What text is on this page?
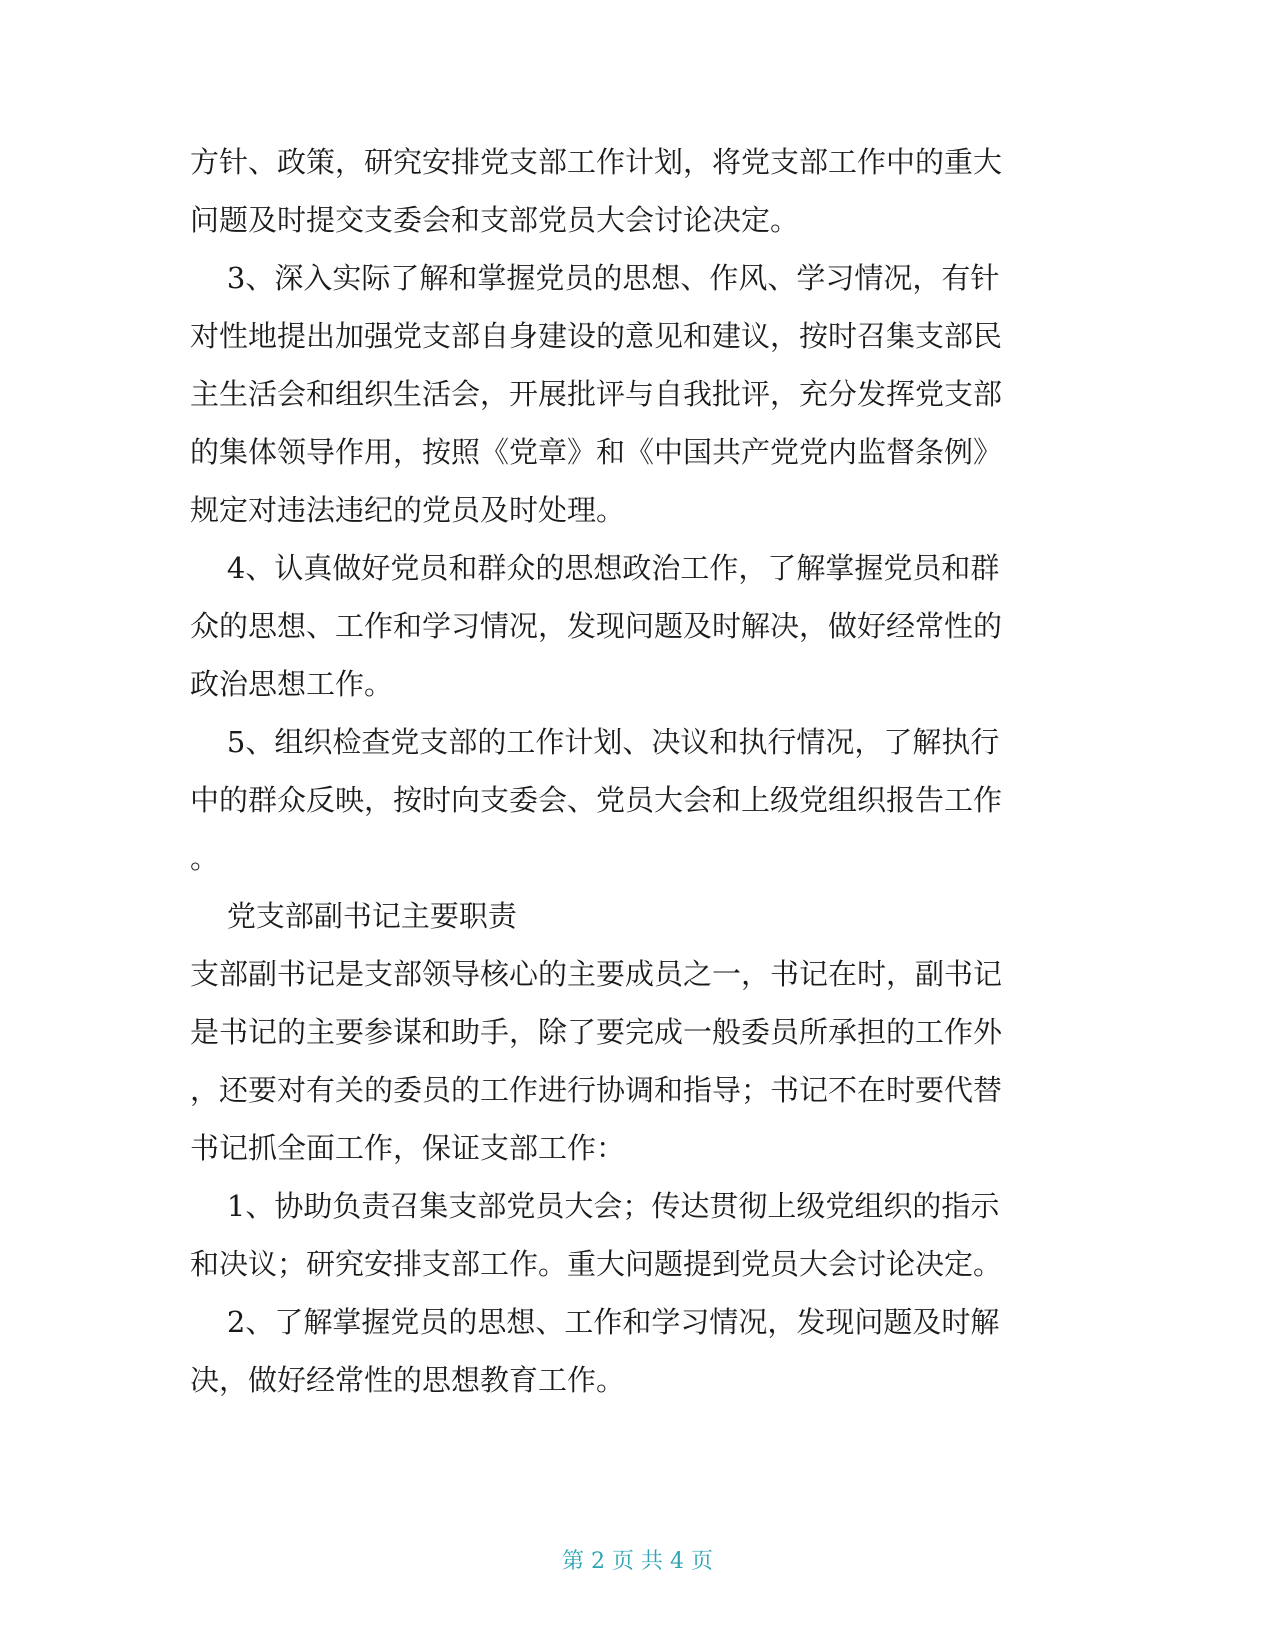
方针、政策，研究安排党支部工作计划，将党支部工作中的重大
问题及时提交支委会和支部党员大会讨论决定。
3、深入实际了解和掌握党员的思想、作风、学习情况，有针
对性地提出加强党支部自身建设的意见和建议，按时召集支部民
主生活会和组织生活会，开展批评与自我批评，充分发挥党支部
的集体领导作用，按照《党章》和《中国共产党党内监督条例》
规定对违法违纪的党员及时处理。
4、认真做好党员和群众的思想政治工作，了解掌握党员和群
众的思想、工作和学习情况，发现问题及时解决，做好经常性的
政治思想工作。
5、组织检查党支部的工作计划、决议和执行情况，了解执行
中的群众反映，按时向支委会、党员大会和上级党组织报告工作
。
党支部副书记主要职责
支部副书记是支部领导核心的主要成员之一，书记在时，副书记
是书记的主要参谋和助手，除了要完成一般委员所承担的工作外
，还要对有关的委员的工作进行协调和指导；书记不在时要代替
书记抓全面工作，保证支部工作：
1、协助负责召集支部党员大会；传达贯彻上级党组织的指示
和决议；研究安排支部工作。重大问题提到党员大会讨论决定。
2、了解掌握党员的思想、工作和学习情况，发现问题及时解
决，做好经常性的思想教育工作。
第 2 页 共 4 页
